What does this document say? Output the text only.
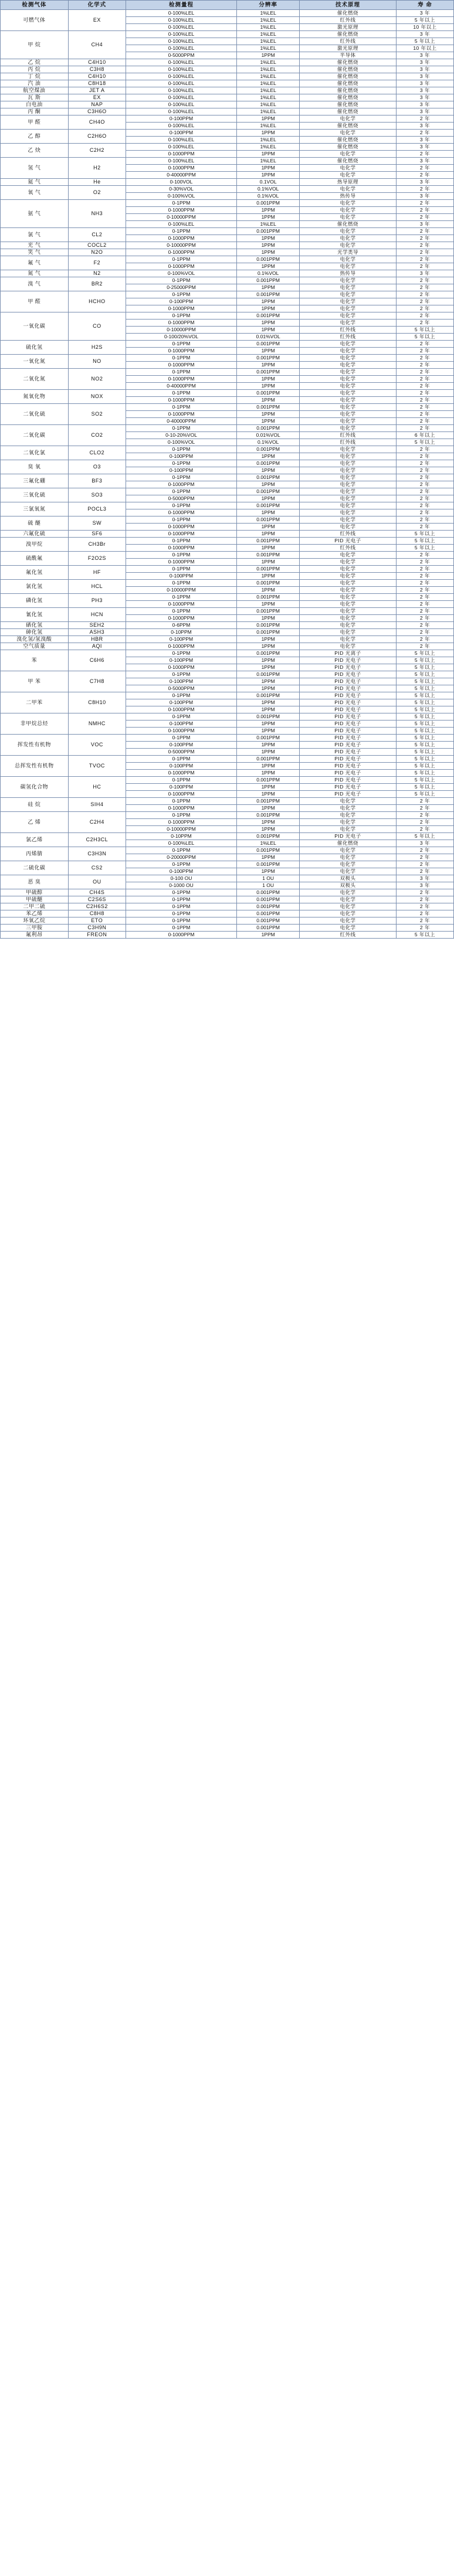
检测气体	化学式	检测量程	分辨率	技术原理	寿 命
可燃气体	EX	0-100%LEL	1%LEL	催化燃烧	3 年
		0-100%LEL	1%LEL	红外线	5 年以上
		0-100%LEL	1%LEL	激光原理	10 年以上
甲 烷	CH4	0-100%LEL	1%LEL	催化燃烧	3 年
		0-100%LEL	1%LEL	红外线	5 年以上
		0-100%LEL	1%LEL	激光原理	10 年以上
		0-5000PPM	1PPM	半导体	3 年
乙 烷	C4H10	0-100%LEL	1%LEL	催化燃烧	3 年
丙 烷	C3H8	0-100%LEL	1%LEL	催化燃烧	3 年
丁 烷	C4H10	0-100%LEL	1%LEL	催化燃烧	3 年
汽 油	C8H18	0-100%LEL	1%LEL	催化燃烧	3 年
航空煤油	JET A	0-100%LEL	1%LEL	催化燃烧	3 年
瓦 斯	EX	0-100%LEL	1%LEL	催化燃烧	3 年
白电油	NAP	0-100%LEL	1%LEL	催化燃烧	3 年
丙 酮	C3H6O	0-100%LEL	1%LEL	催化燃烧	3 年
甲 醛	CH4O	0-100PPM	1PPM	电化学	2 年
		0-100%LEL	1%LEL	催化燃烧	3 年
乙 醇	C2H6O	0-100PPM	1PPM	电化学	2 年
		0-100%LEL	1%LEL	催化燃烧	3 年
乙 炔	C2H2	0-100%LEL	1%LEL	催化燃烧	3 年
		0-1000PPM	1PPM	电化学	2 年
氢 气	H2	0-100%LEL	1%LEL	催化燃烧	3 年
		0-1000PPM	1PPM	电化学	2 年
		0-40000PPM	1PPM	电化学	2 年
氦 气	He	0-100VOL	0.1VOL	热导原理	3 年
氧 气	O2	0-30%VOL	0.1%VOL	电化学	2 年
		0-100%VOL	0.1%VOL	热传导	3 年
氨 气	NH3	0-1PPM	0.001PPM	电化学	2 年
		0-1000PPM	1PPM	电化学	2 年
		0-10000PPM	1PPM	电化学	2 年
		0-100%LEL	1%LEL	催化燃烧	3 年
氯 气	CL2	0-1PPM	0.001PPM	电化学	2 年
		0-1000PPM	1PPM	电化学	2 年
光 气	COCL2	0-10000PPM	1PPM	电化学	2 年
笑 气	N2O	0-1000PPM	1PPM	光学类导	2 年
氟 气	F2	0-1PPM	0.001PPM	电化学	2 年
		0-1000PPM	1PPM	电化学	2 年
氮 气	N2	0-100%VOL	0.1%VOL	热传导	3 年
溴 气	BR2	0-1PPM	0.001PPM	电化学	2 年
		0-25000PPM	1PPM	电化学	2 年
甲 醛	HCHO	0-1PPM	0.001PPM	电化学	2 年
		0-100PPM	1PPM	电化学	2 年
		0-1000PPM	1PPM	电化学	2 年
一氧化碳	CO	0-1PPM	0.001PPM	电化学	2 年
		0-1000PPM	1PPM	电化学	2 年
		0-10000PPM	1PPM	红外线	5 年以上
		0-100/20%VOL	0.01%VOL	红外线	5 年以上
硫化氢	H2S	0-1PPM	0.001PPM	电化学	2 年
		0-1000PPM	1PPM	电化学	2 年
一氧化氮	NO	0-1PPM	0.001PPM	电化学	2 年
		0-1000PPM	1PPM	电化学	2 年
二氧化氮	NO2	0-1PPM	0.001PPM	电化学	2 年
		0-1000PPM	1PPM	电化学	2 年
		0-40000PPM	1PPM	电化学	2 年
氮氧化物	NOX	0-1PPM	0.001PPM	电化学	2 年
		0-1000PPM	1PPM	电化学	2 年
二氧化硫	SO2	0-1PPM	0.001PPM	电化学	2 年
		0-1000PPM	1PPM	电化学	2 年
		0-40000PPM	1PPM	电化学	2 年
二氧化碳	CO2	0-1PPM	0.001PPM	电化学	2 年
		0-10-20%VOL	0.01%VOL	红外线	6 年以上
		0-100%VOL	0.1%VOL	红外线	5 年以上
二氧化氯	CLO2	0-1PPM	0.001PPM	电化学	2 年
		0-100PPM	1PPM	电化学	2 年
臭 氧	O3	0-1PPM	0.001PPM	电化学	2 年
		0-100PPM	1PPM	电化学	2 年
三氟化硼	BF3	0-1PPM	0.001PPM	电化学	2 年
		0-1000PPM	1PPM	电化学	2 年
三氧化硫	SO3	0-1PPM	0.001PPM	电化学	2 年
		0-5000PPM	1PPM	电化学	2 年
三氯氧氮	POCL3	0-1PPM	0.001PPM	电化学	2 年
		0-1000PPM	1PPM	电化学	2 年
硫 醚	SW	0-1PPM	0.001PPM	电化学	2 年
		0-1000PPM	1PPM	电化学	2 年
六氟化硫	SF6	0-1000PPM	1PPM	红外线	5 年以上
溴甲烷	CH3Br	0-1PPM	0.001PPM	PID 光电子	5 年以上
		0-1000PPM	1PPM	红外线	5 年以上
硫酰氟	F2O2S	0-1PPM	0.001PPM	电化学	2 年
		0-1000PPM	1PPM	电化学	2 年
氟化氢	HF	0-1PPM	0.001PPM	电化学	2 年
		0-100PPM	1PPM	电化学	2 年
氯化氢	HCL	0-1PPM	0.001PPM	电化学	2 年
		0-10000PPM	1PPM	电化学	2 年
磷化氢	PH3	0-1PPM	0.001PPM	电化学	2 年
		0-1000PPM	1PPM	电化学	2 年
氰化氢	HCN	0-1PPM	0.001PPM	电化学	2 年
		0-1000PPM	1PPM	电化学	2 年
硒化氢	SEH2	0-6PPM	0.001PPM	电化学	2 年
砷化氢	ASH3	0-10PPM	0.001PPM	电化学	2 年
溴化氢/氢溴酸	HBR	0-100PPM	1PPM	电化学	2 年
空气质量	AQI	0-1000PPM	1PPM	电化学	2 年
苯	C6H6	0-1PPM	0.001PPM	PID 光离子	5 年以上
		0-100PPM	1PPM	PID 光电子	5 年以上
		0-1000PPM	1PPM	PID 光电子	5 年以上
甲 苯	C7H8	0-1PPM	0.001PPM	PID 光电子	5 年以上
		0-100PPM	1PPM	PID 光电子	5 年以上
		0-5000PPM	1PPM	PID 光电子	5 年以上
二甲苯	C8H10	0-1PPM	0.001PPM	PID 光电子	5 年以上
		0-100PPM	1PPM	PID 光电子	5 年以上
		0-1000PPM	1PPM	PID 光电子	5 年以上
非甲烷总烃	NMHC	0-1PPM	0.001PPM	PID 光电子	5 年以上
		0-100PPM	1PPM	PID 光电子	5 年以上
		0-1000PPM	1PPM	PID 光电子	5 年以上
挥发性有机物	VOC	0-1PPM	0.001PPM	PID 光电子	5 年以上
		0-100PPM	1PPM	PID 光电子	5 年以上
		0-5000PPM	1PPM	PID 光电子	5 年以上
总挥发性有机物	TVOC	0-1PPM	0.001PPM	PID 光电子	5 年以上
		0-100PPM	1PPM	PID 光电子	5 年以上
		0-1000PPM	1PPM	PID 光电子	5 年以上
碳氢化合物	HC	0-1PPM	0.001PPM	PID 光电子	5 年以上
		0-100PPM	1PPM	PID 光电子	5 年以上
		0-1000PPM	1PPM	PID 光电子	5 年以上
硅 烷	SIH4	0-1PPM	0.001PPM	电化学	2 年
		0-1000PPM	1PPM	电化学	2 年
乙 烯	C2H4	0-1PPM	0.001PPM	电化学	2 年
		0-1000PPM	1PPM	电化学	2 年
		0-10000PPM	1PPM	电化学	2 年
氯乙烯	C2H3CL	0-10PPM	0.001PPM	PID 光电子	5 年以上
		0-100%LEL	1%LEL	催化燃烧	3 年
丙烯腈	C3H3N	0-1PPM	0.001PPM	电化学	2 年
		0-20000PPM	1PPM	电化学	2 年
二硫化碳	CS2	0-1PPM	0.001PPM	电化学	2 年
		0-100PPM	1PPM	电化学	2 年
恶 臭	OU	0-100 OU	1 OU	双极头	3 年
		0-1000 OU	1 OU	双极头	3 年
甲硫醇	CH4S	0-1PPM	0.001PPM	电化学	2 年
甲硫醚	C2S6S	0-1PPM	0.001PPM	电化学	2 年
二甲二硫	C2H6S2	0-1PPM	0.001PPM	电化学	2 年
苯乙烯	C8H8	0-1PPM	0.001PPM	电化学	2 年
环氧乙烷	ETO	0-1PPM	0.001PPM	电化学	2 年
三甲胺	C3H9N	0-1PPM	0.001PPM	电化学	2 年
氟利昂	FREON	0-1000PPM	1PPM	红外线	5 年以上
